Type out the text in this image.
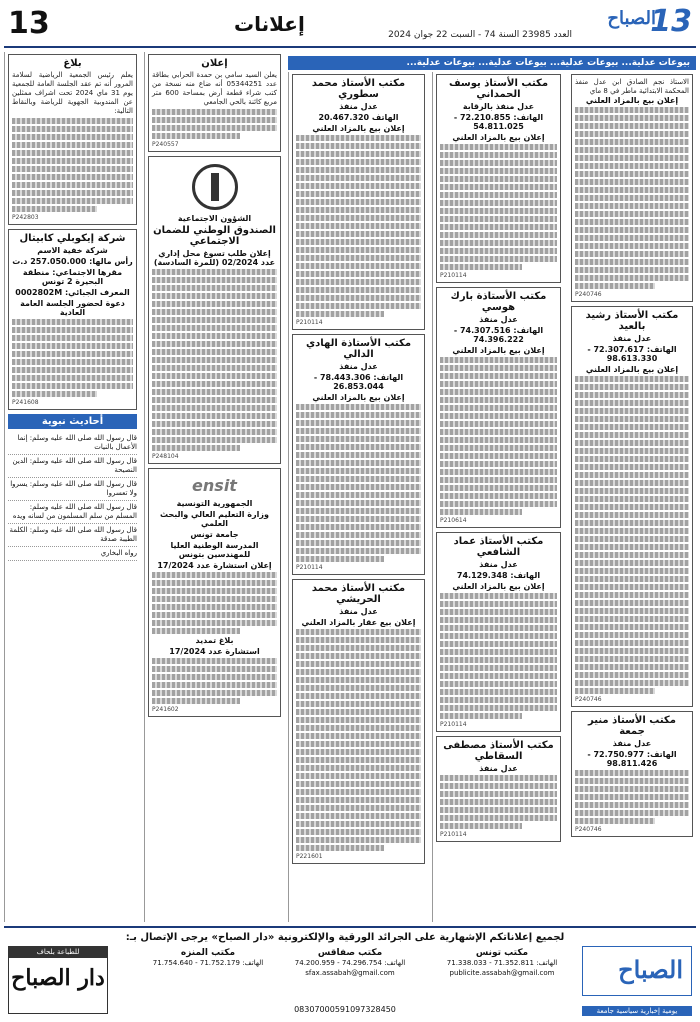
13	إعلانات	العدد 23985 السنة 74 - السبت 22 جوان 2024	13
الصباح
بيوعات عدلية... بيوعات عدلية... بيوعات عدلية... بيوعات عدلية...
الاستاذ نجم الصادق ابن عدل منفذ المحكمة الابتدائية ماطر في 8 ماي
إعلان بيع بالمزاد العلني
P240746
مكتب الأستاذ رشيد بالعيد
عدل منفذ
الهاتف: 72.307.617 - 98.613.330
إعلان بيع بالمزاد العلني
P240746
مكتب الأستاذ منير جمعة
عدل منفذ
الهاتف: 72.750.977 - 98.811.426
P240746
مكتب الأستاذ يوسف الحمداني
عدل منفذ بالرقابة
الهاتف: 72.210.855 - 54.811.025
إعلان بيع بالمزاد العلني
P210114
مكتب الأستاذة بارك هوسي
عدل منفذ
الهاتف: 74.307.516 - 74.396.222
إعلان بيع بالمزاد العلني
P210614
مكتب الأستاذ عماد الشافعي
عدل منفذ
الهاتف: 74.129.348
إعلان بيع بالمزاد العلني
P210114
مكتب الأستاذ مصطفى السقاطي
عدل منفذ
P210114
مكتب الأستاذ محمد سطوري
عدل منفذ
الهاتف 20.467.320
إعلان بيع بالمزاد العلني
P210114
مكتب الأستاذة الهادي الدالي
عدل منفذ
الهاتف: 78.443.306 - 26.853.044
إعلان بيع بالمزاد العلني
P210114
مكتب الأستاذ محمد الحريشي
عدل منفذ
إعلان بيع عقار بالمزاد العلني
P221601
إعلان
يعلن السيد سامي بن حمدة الحرابي بطاقة عدد 05344251 أنه ضاع منه نسخة من كتب شراء قطعة أرض بمساحة 600 متر مربع كائنة بالحي الجامعي
P240557
الشؤون الاجتماعية
الصندوق الوطني للضمان الاجتماعي
إعلان طلب تسوغ محل إداري عدد 02/2024 (للمرة السادسة)
P248104
ensit
الجمهورية التونسية
وزارة التعليم العالي والبحث العلمي
جامعة تونس
المدرسة الوطنية العليا للمهندسين بتونس
إعلان استشارة عدد 17/2024
بلاغ تمديد
استشارة عدد 17/2024
P241602
بلاغ
يعلم رئيس الجمعية الرياضية لسلامة المرور أنه تم عقد الجلسة العامة للجمعية يوم 31 ماي 2024 تحت اشراف ممثلين عن المندوبية الجهوية للرياضة وبالنقاط التالية:
P242803
شركة إيكوبلي كابيتال
شركة خفية الاسم
رأس مالها: 257.050.000 د.ت
مقرها الاجتماعي: منطقة البحيرة 2 تونس
المعرف الجبائي: 0002802M
دعوة لحضور الجلسة العامة العادية
P241608
أحاديث نبوية
قال رسول الله صلى الله عليه وسلم: إنما الأعمال بالنيات
قال رسول الله صلى الله عليه وسلم: الدين النصيحة
قال رسول الله صلى الله عليه وسلم: يسروا ولا تعسروا
قال رسول الله صلى الله عليه وسلم: المسلم من سلم المسلمون من لسانه ويده
قال رسول الله صلى الله عليه وسلم: الكلمة الطيبة صدقة
رواه البخاري
لجميع إعلاناتكم الإشهارية على الجرائد الورقية والإلكترونية «دار الصباح» يرجى الإتصال بـ:
الصباح
مكتب المنزه
الهاتف: 71.752.179 - 71.754.640
مكتب تونس
الهاتف: 71.352.811 - 71.338.033
publicite.assabah@gmail.com
مكتب صفاقس
الهاتف: 74.296.754 - 74.200.959
sfax.assabah@gmail.com
08307000591097328450
للطباعة بلحاف
دار الصباح
يومية إخبارية سياسية جامعة
